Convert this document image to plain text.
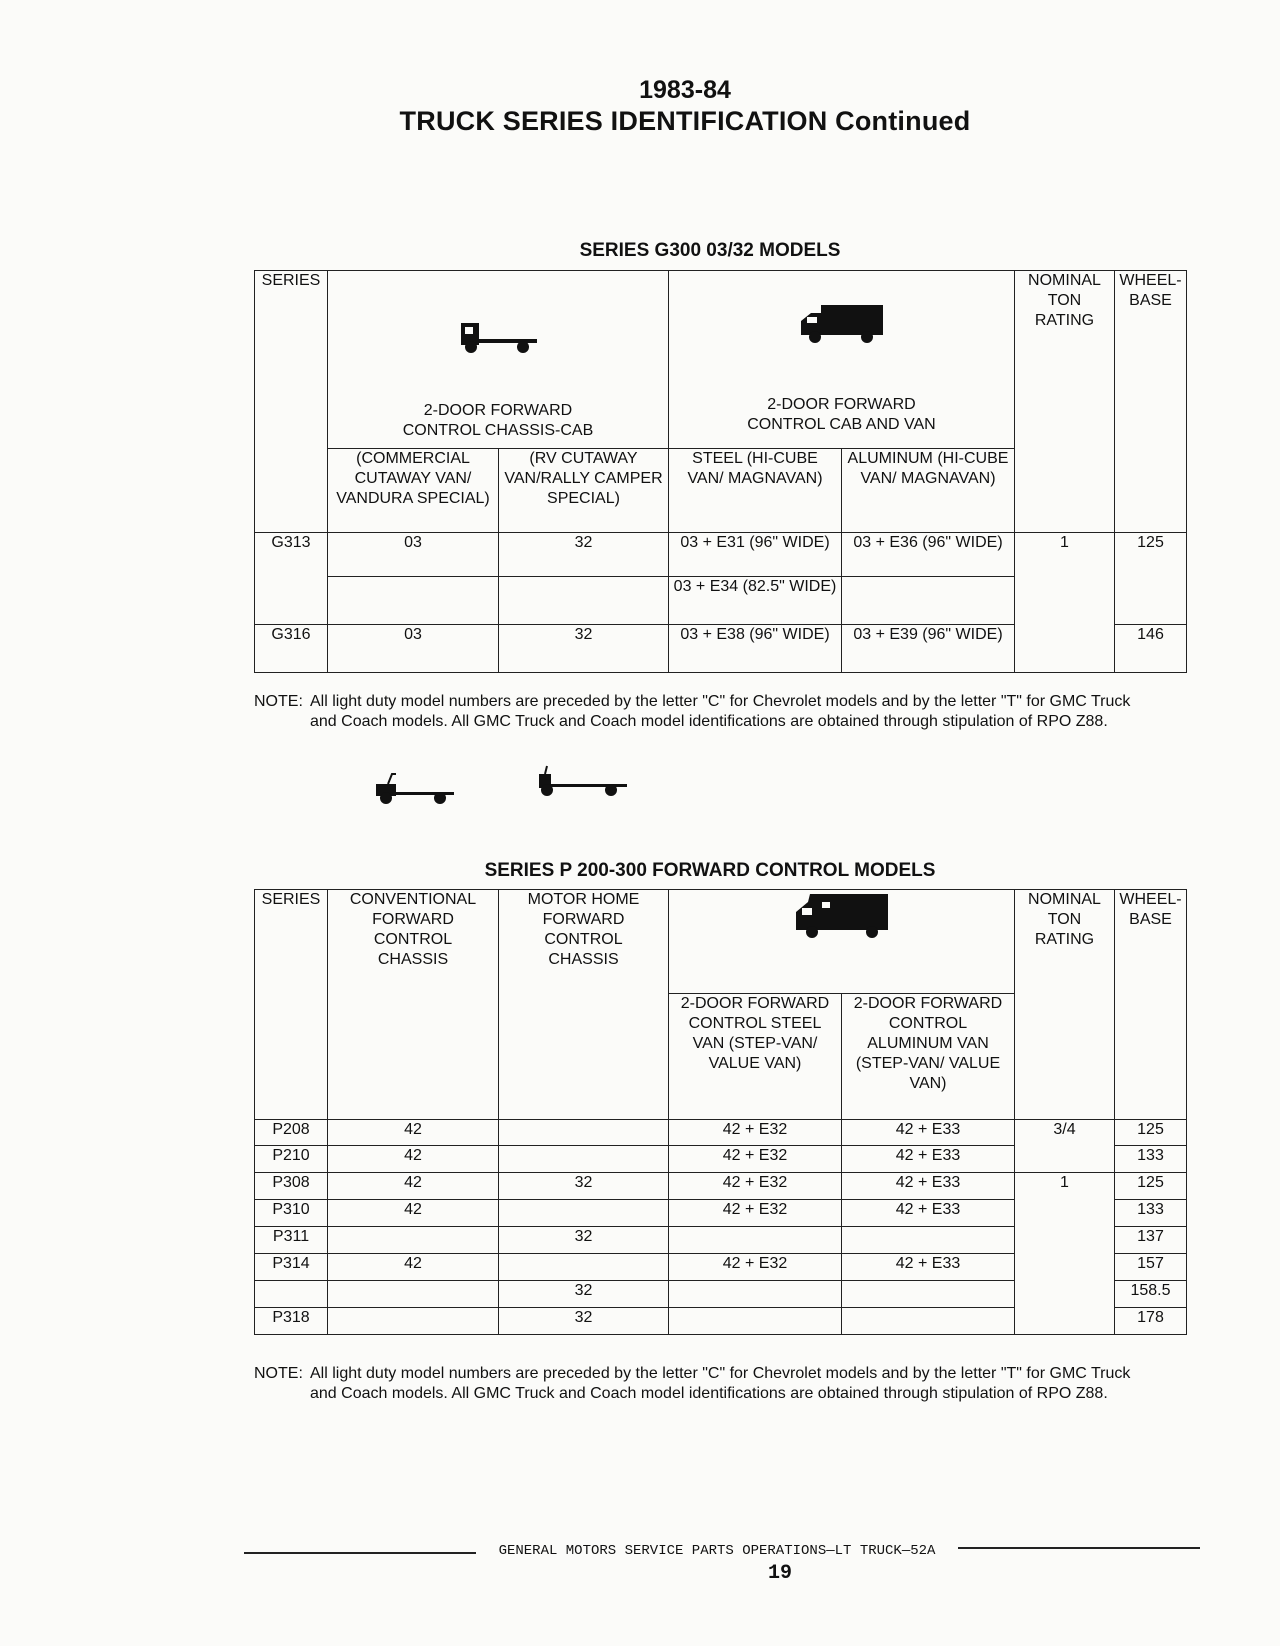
1983-84
TRUCK SERIES IDENTIFICATION Continued
SERIES G300 03/32 MODELS
SERIES	2-DOOR FORWARD CONTROL CHASSIS-CAB		2-DOOR FORWARD CONTROL CAB AND VAN		NOMINAL TON RATING	WHEEL- BASE
	(COMMERCIAL CUTAWAY VAN/ VANDURA SPECIAL)	(RV CUTAWAY VAN/RALLY CAMPER SPECIAL)	STEEL (HI-CUBE VAN/ MAGNAVAN)	ALUMINUM (HI-CUBE VAN/ MAGNAVAN)		
G313	03	32	03 + E31 (96" WIDE)	03 + E36 (96" WIDE)	1	125
			03 + E34 (82.5" WIDE)			
G316	03	32	03 + E38 (96" WIDE)	03 + E39 (96" WIDE)		146
NOTE: All light duty model numbers are preceded by the letter "C" for Chevrolet models and by the letter "T" for GMC Truck and Coach models. All GMC Truck and Coach model identifications are obtained through stipulation of RPO Z88.
SERIES P 200-300 FORWARD CONTROL MODELS
SERIES	CONVENTIONAL FORWARD CONTROL CHASSIS	MOTOR HOME FORWARD CONTROL CHASSIS			NOMINAL TON RATING	WHEEL- BASE
			2-DOOR FORWARD CONTROL STEEL VAN (STEP-VAN/ VALUE VAN)	2-DOOR FORWARD CONTROL ALUMINUM VAN (STEP-VAN/ VALUE VAN)		
P208	42		42 + E32	42 + E33	3/4	125
P210	42		42 + E32	42 + E33		133
P308	42	32	42 + E32	42 + E33	1	125
P310	42		42 + E32	42 + E33		133
P311		32				137
P314	42		42 + E32	42 + E33		157
		32				158.5
P318		32				178
NOTE: All light duty model numbers are preceded by the letter "C" for Chevrolet models and by the letter "T" for GMC Truck and Coach models. All GMC Truck and Coach model identifications are obtained through stipulation of RPO Z88.
GENERAL MOTORS SERVICE PARTS OPERATIONS—LT TRUCK—52A
19
